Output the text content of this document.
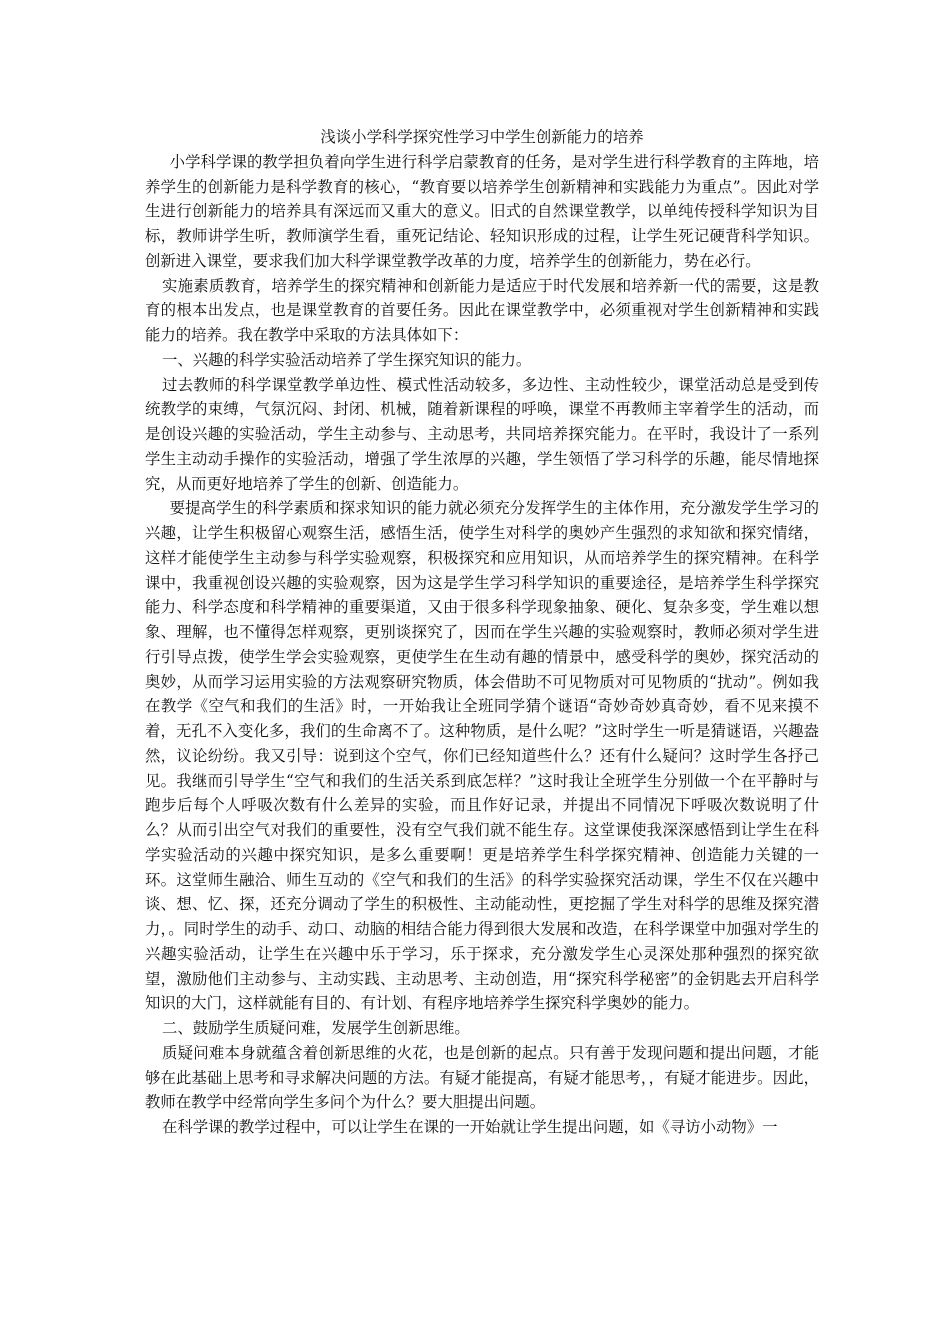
浅谈小学科学探究性学习中学生创新能力的培养

小学科学课的教学担负着向学生进行科学启蒙教育的任务，是对学生进行科学教育的主阵地，培养学生的创新能力是科学教育的核心，“教育要以培养学生创新精神和实践能力为重点”。因此对学生进行创新能力的培养具有深远而又重大的意义。旧式的自然课堂教学，以单纯传授科学知识为目标，教师讲学生听，教师演学生看，重死记结论、轻知识形成的过程，让学生死记硬背科学知识。创新进入课堂，要求我们加大科学课堂教学改革的力度，培养学生的创新能力，势在必行。

实施素质教育，培养学生的探究精神和创新能力是适应于时代发展和培养新一代的需要，这是教育的根本出发点，也是课堂教育的首要任务。因此在课堂教学中，必须重视对学生创新精神和实践能力的培养。我在教学中采取的方法具体如下：

一、兴趣的科学实验活动培养了学生探究知识的能力。

过去教师的科学课堂教学单边性、模式性活动较多，多边性、主动性较少，课堂活动总是受到传统教学的束缚，气氛沉闷、封闭、机械，随着新课程的呼唤，课堂不再教师主宰着学生的活动，而是创设兴趣的实验活动，学生主动参与、主动思考，共同培养探究能力。在平时，我设计了一系列学生主动动手操作的实验活动，增强了学生浓厚的兴趣，学生领悟了学习科学的乐趣，能尽情地探究，从而更好地培养了学生的创新、创造能力。

要提高学生的科学素质和探求知识的能力就必须充分发挥学生的主体作用，充分激发学生学习的兴趣，让学生积极留心观察生活，感悟生活，使学生对科学的奥妙产生强烈的求知欲和探究情绪，这样才能使学生主动参与科学实验观察，积极探究和应用知识，从而培养学生的探究精神。在科学课中，我重视创设兴趣的实验观察，因为这是学生学习科学知识的重要途径，是培养学生科学探究能力、科学态度和科学精神的重要渠道，又由于很多科学现象抽象、硬化、复杂多变，学生难以想象、理解，也不懂得怎样观察，更别谈探究了，因而在学生兴趣的实验观察时，教师必须对学生进行引导点拨，使学生学会实验观察，更使学生在生动有趣的情景中，感受科学的奥妙，探究活动的奥妙，从而学习运用实验的方法观察研究物质，体会借助不可见物质对可见物质的“扰动”。例如我在教学《空气和我们的生活》时，一开始我让全班同学猜个谜语“奇妙奇妙真奇妙，看不见来摸不着，无孔不入变化多，我们的生命离不了。这种物质，是什么呢？”这时学生一听是猜谜语，兴趣盎然，议论纷纷。我又引导：说到这个空气，你们已经知道些什么？还有什么疑问？这时学生各抒己见。我继而引导学生“空气和我们的生活关系到底怎样？”这时我让全班学生分别做一个在平静时与跑步后每个人呼吸次数有什么差异的实验，而且作好记录，并提出不同情况下呼吸次数说明了什么？从而引出空气对我们的重要性，没有空气我们就不能生存。这堂课使我深深感悟到让学生在科学实验活动的兴趣中探究知识，是多么重要啊！更是培养学生科学探究精神、创造能力关键的一环。这堂师生融洽、师生互动的《空气和我们的生活》的科学实验探究活动课，学生不仅在兴趣中谈、想、忆、探，还充分调动了学生的积极性、主动能动性，更挖掘了学生对科学的思维及探究潜力，。同时学生的动手、动口、动脑的相结合能力得到很大发展和改造，在科学课堂中加强对学生的兴趣实验活动，让学生在兴趣中乐于学习，乐于探求，充分激发学生心灵深处那种强烈的探究欲望，激励他们主动参与、主动实践、主动思考、主动创造，用“探究科学秘密”的金钥匙去开启科学知识的大门，这样就能有目的、有计划、有程序地培养学生探究科学奥妙的能力。

二、鼓励学生质疑问难，发展学生创新思维。

质疑问难本身就蕴含着创新思维的火花，也是创新的起点。只有善于发现问题和提出问题，才能够在此基础上思考和寻求解决问题的方法。有疑才能提高，有疑才能思考，，有疑才能进步。因此，教师在教学中经常向学生多问个为什么？要大胆提出问题。

在科学课的教学过程中，可以让学生在课的一开始就让学生提出问题，如《寻访小动物》一
